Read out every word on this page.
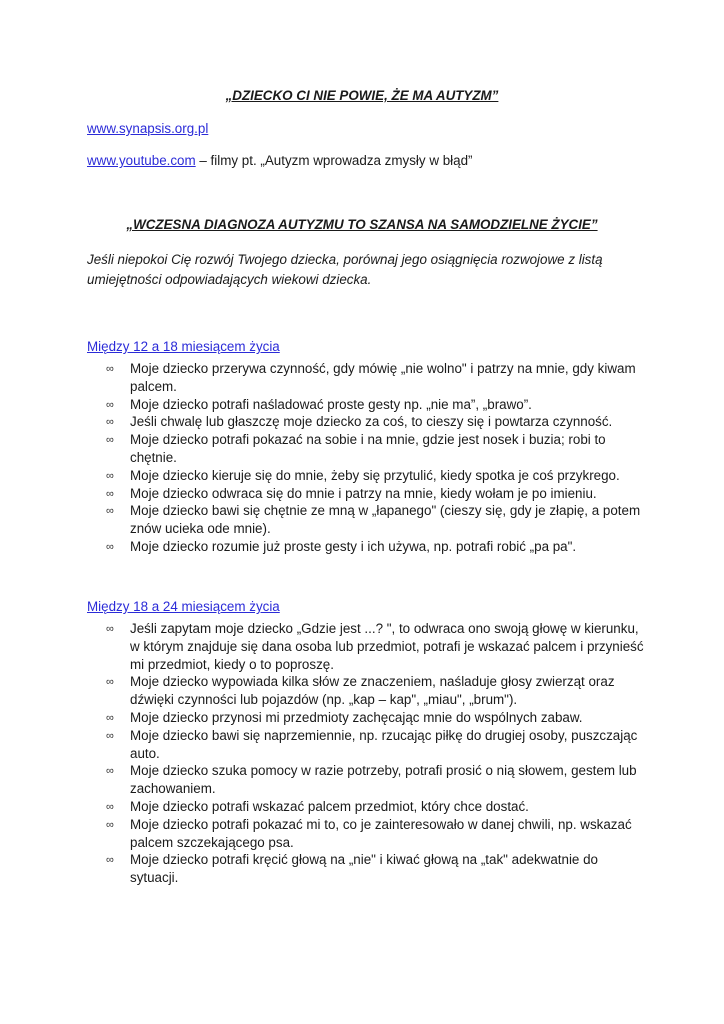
„DZIECKO CI NIE POWIE, ŻE MA AUTYZM”
www.synapsis.org.pl
www.youtube.com – filmy pt. „Autyzm wprowadza zmysły w błąd”
„WCZESNA DIAGNOZA AUTYZMU TO SZANSA NA SAMODZIELNE ŻYCIE”
Jeśli niepokoi Cię rozwój Twojego dziecka, porównaj jego osiągnięcia rozwojowe z listą umiejętności odpowiadających wiekowi dziecka.
Między 12 a 18 miesiącem życia
∞ Moje dziecko przerywa czynność, gdy mówię „nie wolno" i patrzy na mnie, gdy kiwam palcem.
∞ Moje dziecko potrafi naśladować proste gesty np. „nie ma”, „brawo”.
∞ Jeśli chwalę lub głaszczę moje dziecko za coś, to cieszy się i powtarza czynność.
∞ Moje dziecko potrafi pokazać na sobie i na mnie, gdzie jest nosek i buzia; robi to chętnie.
∞ Moje dziecko kieruje się do mnie, żeby się przytulić, kiedy spotka je coś przykrego.
∞ Moje dziecko odwraca się do mnie i patrzy na mnie, kiedy wołam je po imieniu.
∞ Moje dziecko bawi się chętnie ze mną w „łapanego" (cieszy się, gdy je złapię, a potem znów ucieka ode mnie).
∞ Moje dziecko rozumie już proste gesty i ich używa, np. potrafi robić „pa pa".
Między 18 a 24 miesiącem życia
∞ Jeśli zapytam moje dziecko „Gdzie jest ...? ", to odwraca ono swoją głowę w kierunku, w którym znajduje się dana osoba lub przedmiot, potrafi je wskazać palcem i przynieść mi przedmiot, kiedy o to poproszę.
∞ Moje dziecko wypowiada kilka słów ze znaczeniem, naśladuje głosy zwierząt oraz dźwięki czynności lub pojazdów (np. „kap – kap", „miau", „brum").
∞ Moje dziecko przynosi mi przedmioty zachęcając mnie do wspólnych zabaw.
∞ Moje dziecko bawi się naprzemiennie, np. rzucając piłkę do drugiej osoby, puszczając auto.
∞ Moje dziecko szuka pomocy w razie potrzeby, potrafi prosić o nią słowem, gestem lub zachowaniem.
∞ Moje dziecko potrafi wskazać palcem przedmiot, który chce dostać.
∞ Moje dziecko potrafi pokazać mi to, co je zainteresowało w danej chwili, np. wskazać palcem szczekającego psa.
∞ Moje dziecko potrafi kręcić głową na „nie" i kiwać głową na „tak" adekwatnie do sytuacji.
